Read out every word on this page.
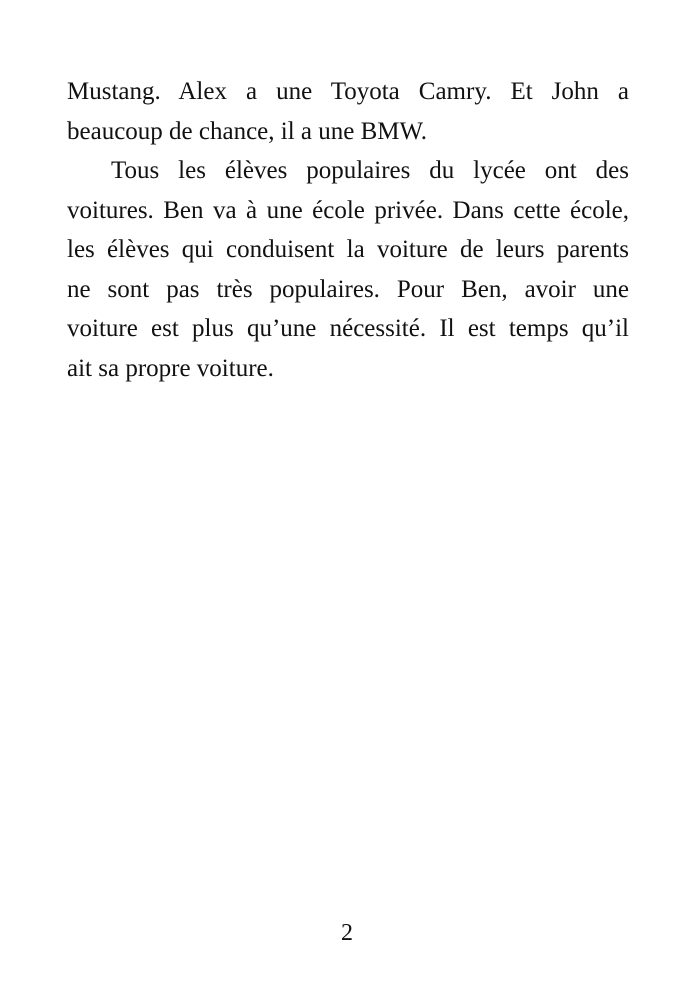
Mustang. Alex a une Toyota Camry. Et John a
beaucoup de chance, il a une BMW.
Tous les élèves populaires du lycée ont des
voitures. Ben va à une école privée. Dans cette école,
les élèves qui conduisent la voiture de leurs parents
ne sont pas très populaires. Pour Ben, avoir une
voiture est plus qu’une nécessité. Il est temps qu’il
ait sa propre voiture.
2
